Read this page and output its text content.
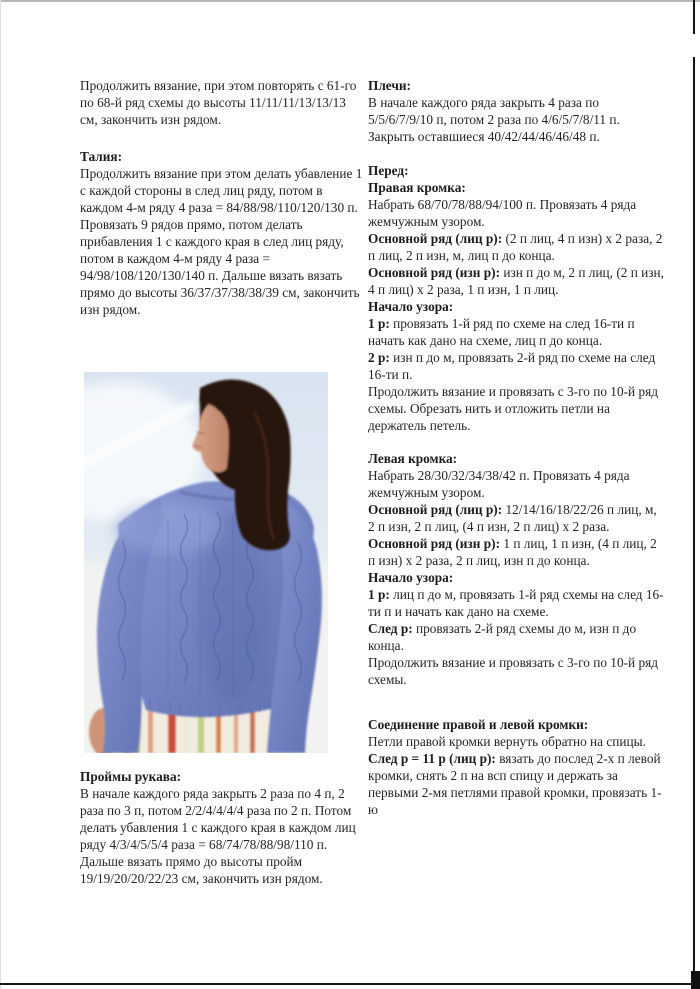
Продолжить вязание, при этом повторять с 61-го по 68-й ряд схемы до высоты 11/11/11/13/13/13 см, закончить изн рядом.

Талия:

Продолжить вязание при этом делать убавление 1 с каждой стороны в след лиц ряду, потом в каждом 4-м ряду 4 раза = 84/88/98/110/120/130 п. Провязать 9 рядов прямо, потом делать прибавления 1 с каждого края в след лиц ряду, потом в каждом 4-м ряду 4 раза = 94/98/108/120/130/140 п. Дальше вязать вязать прямо до высоты 36/37/37/38/38/39 см, закончить изн рядом.

Проймы рукава:

В начале каждого ряда закрыть 2 раза по 4 п, 2 раза по 3 п, потом 2/2/4/4/4/4 раза по 2 п. Потом делать убавления 1 с каждого края в каждом лиц ряду 4/3/4/5/5/4 раза = 68/74/78/88/98/110 п. Дальше вязать прямо до высоты пройм 19/19/20/20/22/23 см, закончить изн рядом.

Плечи:

В начале каждого ряда закрыть 4 раза по 5/5/6/7/9/10 п, потом 2 раза по 4/6/5/7/8/11 п. Закрыть оставшиеся 40/42/44/46/46/48 п.

Перед:

Правая кромка:

Набрать 68/70/78/88/94/100 п. Провязать 4 ряда жемчужным узором.

Основной ряд (лиц р): (2 п лиц, 4 п изн) x 2 раза, 2 п лиц, 2 п изн, м, лиц п до конца.

Основной ряд (изн р): изн п до м, 2 п лиц, (2 п изн, 4 п лиц) x 2 раза, 1 п изн, 1 п лиц.

Начало узора:

1 р: провязать 1-й ряд по схеме на след 16-ти п начать как дано на схеме, лиц п до конца.

2 р: изн п до м, провязать 2-й ряд по схеме на след 16-ти п.

Продолжить вязание и провязать с 3-го по 10-й ряд схемы. Обрезать нить и отложить петли на держатель петель.

Левая кромка:

Набрать 28/30/32/34/38/42 п. Провязать 4 ряда жемчужным узором.

Основной ряд (лиц р): 12/14/16/18/22/26 п лиц, м, 2 п изн, 2 п лиц, (4 п изн, 2 п лиц) x 2 раза.

Основной ряд (изн р): 1 п лиц, 1 п изн, (4 п лиц, 2 п изн) x 2 раза, 2 п лиц, изн п до конца.

Начало узора:

1 р: лиц п до м, провязать 1-й ряд схемы на след 16-ти п и начать как дано на схеме.

След р: провязать 2-й ряд схемы до м, изн п до конца.

Продолжить вязание и провязать с 3-го по 10-й ряд схемы.

Соединение правой и левой кромки:

Петли правой кромки вернуть обратно на спицы.

След р = 11 р (лиц р): вязать до послед 2-х п левой кромки, снять 2 п на всп спицу и держать за первыми 2-мя петлями правой кромки, провязать 1-ю
